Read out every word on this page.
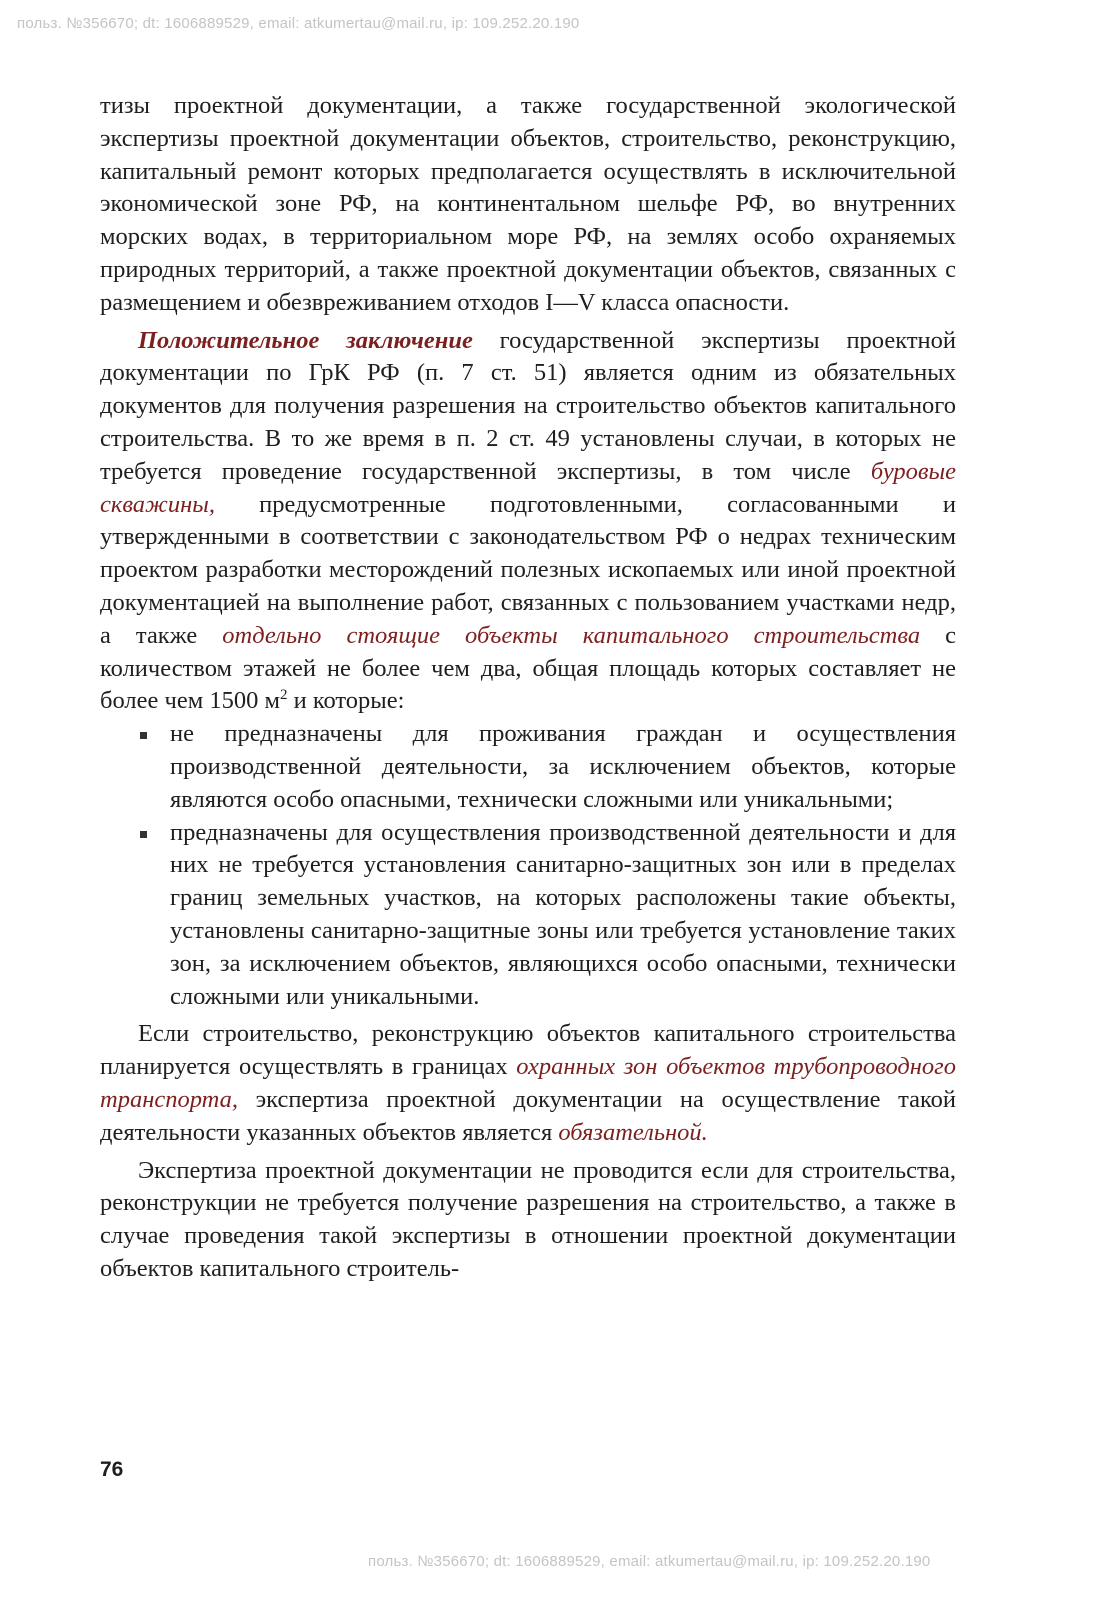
польз. №356670; dt: 1606889529, email: atkumertau@mail.ru, ip: 109.252.20.190

тизы проектной документации, а также государственной экологической экспертизы проектной документации объектов, строительство, реконструкцию, капитальный ремонт которых предполагается осуществлять в исключительной экономической зоне РФ, на континентальном шельфе РФ, во внутренних морских водах, в территориальном море РФ, на землях особо охраняемых природных территорий, а также проектной документации объектов, связанных с размещением и обезвреживанием отходов I—V класса опасности.

Положительное заключение государственной экспертизы проектной документации по ГрК РФ (п. 7 ст. 51) является одним из обязательных документов для получения разрешения на строительство объектов капитального строительства. В то же время в п. 2 ст. 49 установлены случаи, в которых не требуется проведение государственной экспертизы, в том числе буровые скважины, предусмотренные подготовленными, согласованными и утвержденными в соответствии с законодательством РФ о недрах техническим проектом разработки месторождений полезных ископаемых или иной проектной документацией на выполнение работ, связанных с пользованием участками недр, а также отдельно стоящие объекты капитального строительства с количеством этажей не более чем два, общая площадь которых составляет не более чем 1500 $м^2$ и которые:

не предназначены для проживания граждан и осуществления производственной деятельности, за исключением объектов, которые являются особо опасными, технически сложными или уникальными;
предназначены для осуществления производственной деятельности и для них не требуется установления санитарно-защитных зон или в пределах границ земельных участков, на которых расположены такие объекты, установлены санитарно-защитные зоны или требуется установление таких зон, за исключением объектов, являющихся особо опасными, технически сложными или уникальными.

Если строительство, реконструкцию объектов капитального строительства планируется осуществлять в границах охранных зон объектов трубопроводного транспорта, экспертиза проектной документации на осуществление такой деятельности указанных объектов является обязательной.

Экспертиза проектной документации не проводится если для строительства, реконструкции не требуется получение разрешения на строительство, а также в случае проведения такой экспертизы в отношении проектной документации объектов капитального строитель-

76
польз. №356670; dt: 1606889529, email: atkumertau@mail.ru, ip: 109.252.20.190
